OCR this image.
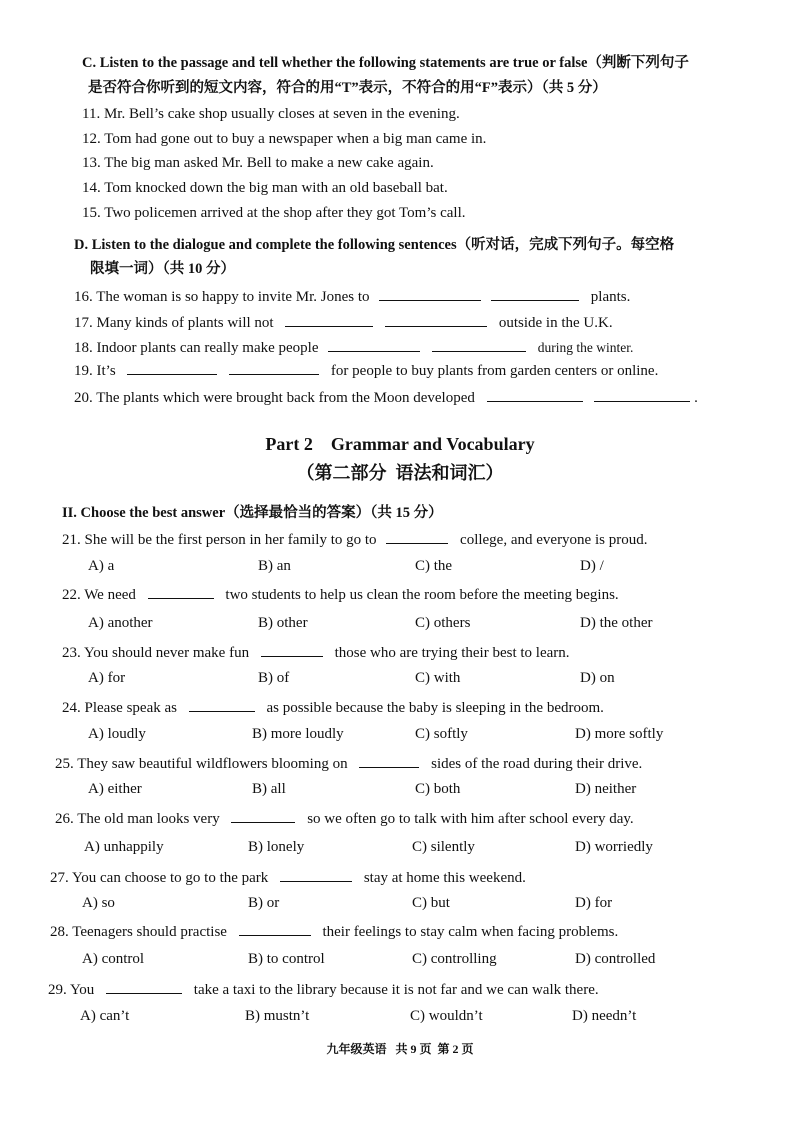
C. Listen to the passage and tell whether the following statements are true or false（判断下列句子
是否符合你听到的短文内容，符合的用“T”表示，不符合的用“F”表示）（共 5 分）
11. Mr. Bell’s cake shop usually closes at seven in the evening.
12. Tom had gone out to buy a newspaper when a big man came in.
13. The big man asked Mr. Bell to make a new cake again.
14. Tom knocked down the big man with an old baseball bat.
15. Two policemen arrived at the shop after they got Tom’s call.
D. Listen to the dialogue and complete the following sentences（听对话，完成下列句子。每空格
限填一词）（共 10 分）
16. The woman is so happy to invite Mr. Jones to	plants.
17. Many kinds of plants will not	outside in the U.K.
18. Indoor plants can really make people	during the winter.
19. It’s	for people to buy plants from garden centers or online.
20. The plants which were brought back from the Moon developed	.
Part 2    Grammar and Vocabulary
（第二部分  语法和词汇）
II. Choose the best answer（选择最恰当的答案）（共 15 分）
21. She will be the first person in her family to go to	college, and everyone is proud.
A) a	B) an	C) the	D) /
22. We need	two students to help us clean the room before the meeting begins.
A) another	B) other	C) others	D) the other
23. You should never make fun	those who are trying their best to learn.
A) for	B) of	C) with	D) on
24. Please speak as	as possible because the baby is sleeping in the bedroom.
A) loudly	B) more loudly	C) softly	D) more softly
25. They saw beautiful wildflowers blooming on	sides of the road during their drive.
A) either	B) all	C) both	D) neither
26. The old man looks very	so we often go to talk with him after school every day.
A) unhappily	B) lonely	C) silently	D) worriedly
27. You can choose to go to the park	stay at home this weekend.
A) so	B) or	C) but	D) for
28. Teenagers should practise	their feelings to stay calm when facing problems.
A) control	B) to control	C) controlling	D) controlled
29. You	take a taxi to the library because it is not far and we can walk there.
A) can’t	B) mustn’t	C) wouldn’t	D) needn’t
九年级英语   共 9 页  第 2 页
